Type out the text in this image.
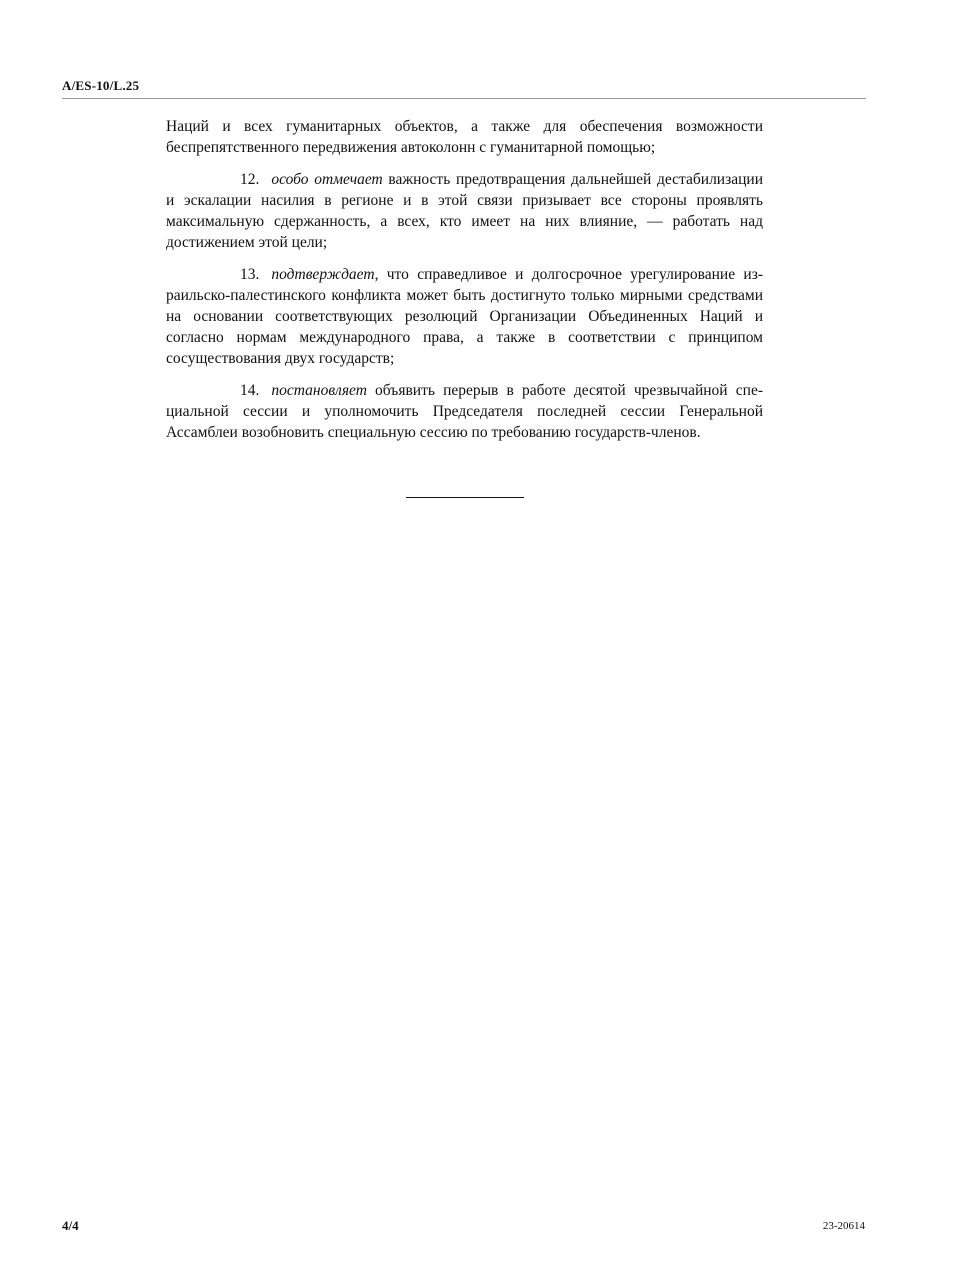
A/ES-10/L.25

Наций и всех гуманитарных объектов, а также для обеспечения возможности беспрепятственного передвижения автоколонн с гуманитарной помощью;

12. особо отмечает важность предотвращения дальнейшей дестабилизации и эскалации насилия в регионе и в этой связи призывает все стороны проявлять максимальную сдержанность, а всех, кто имеет на них влияние, — работать над достижением этой цели;

13. подтверждает, что справедливое и долгосрочное урегулирование израильско-палестинского конфликта может быть достигнуто только мирными средствами на основании соответствующих резолюций Организации Объединенных Наций и согласно нормам международного права, а также в соответствии с принципом сосуществования двух государств;

14. постановляет объявить перерыв в работе десятой чрезвычайной специальной сессии и уполномочить Председателя последней сессии Генеральной Ассамблеи возобновить специальную сессию по требованию государств-членов.

4/4	23-20614
